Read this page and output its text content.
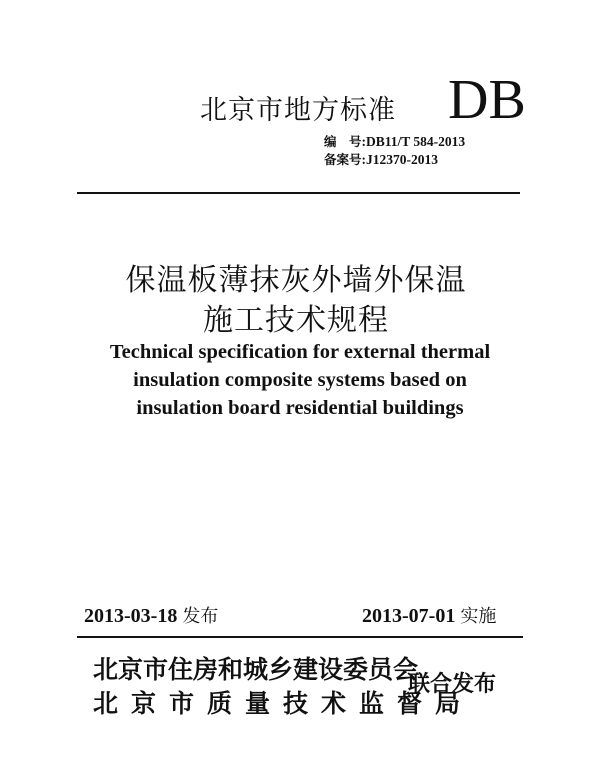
北京市地方标准 DB
编　号:DB11/T 584-2013
备案号:J12370-2013
保温板薄抹灰外墙外保温
施工技术规程
Technical specification for external thermal
insulation composite systems based on
insulation board residential buildings
2013-03-18 发布	2013-07-01 实施
北京市住房和城乡建设委员会
北京市质量技术监督局
联合发布
